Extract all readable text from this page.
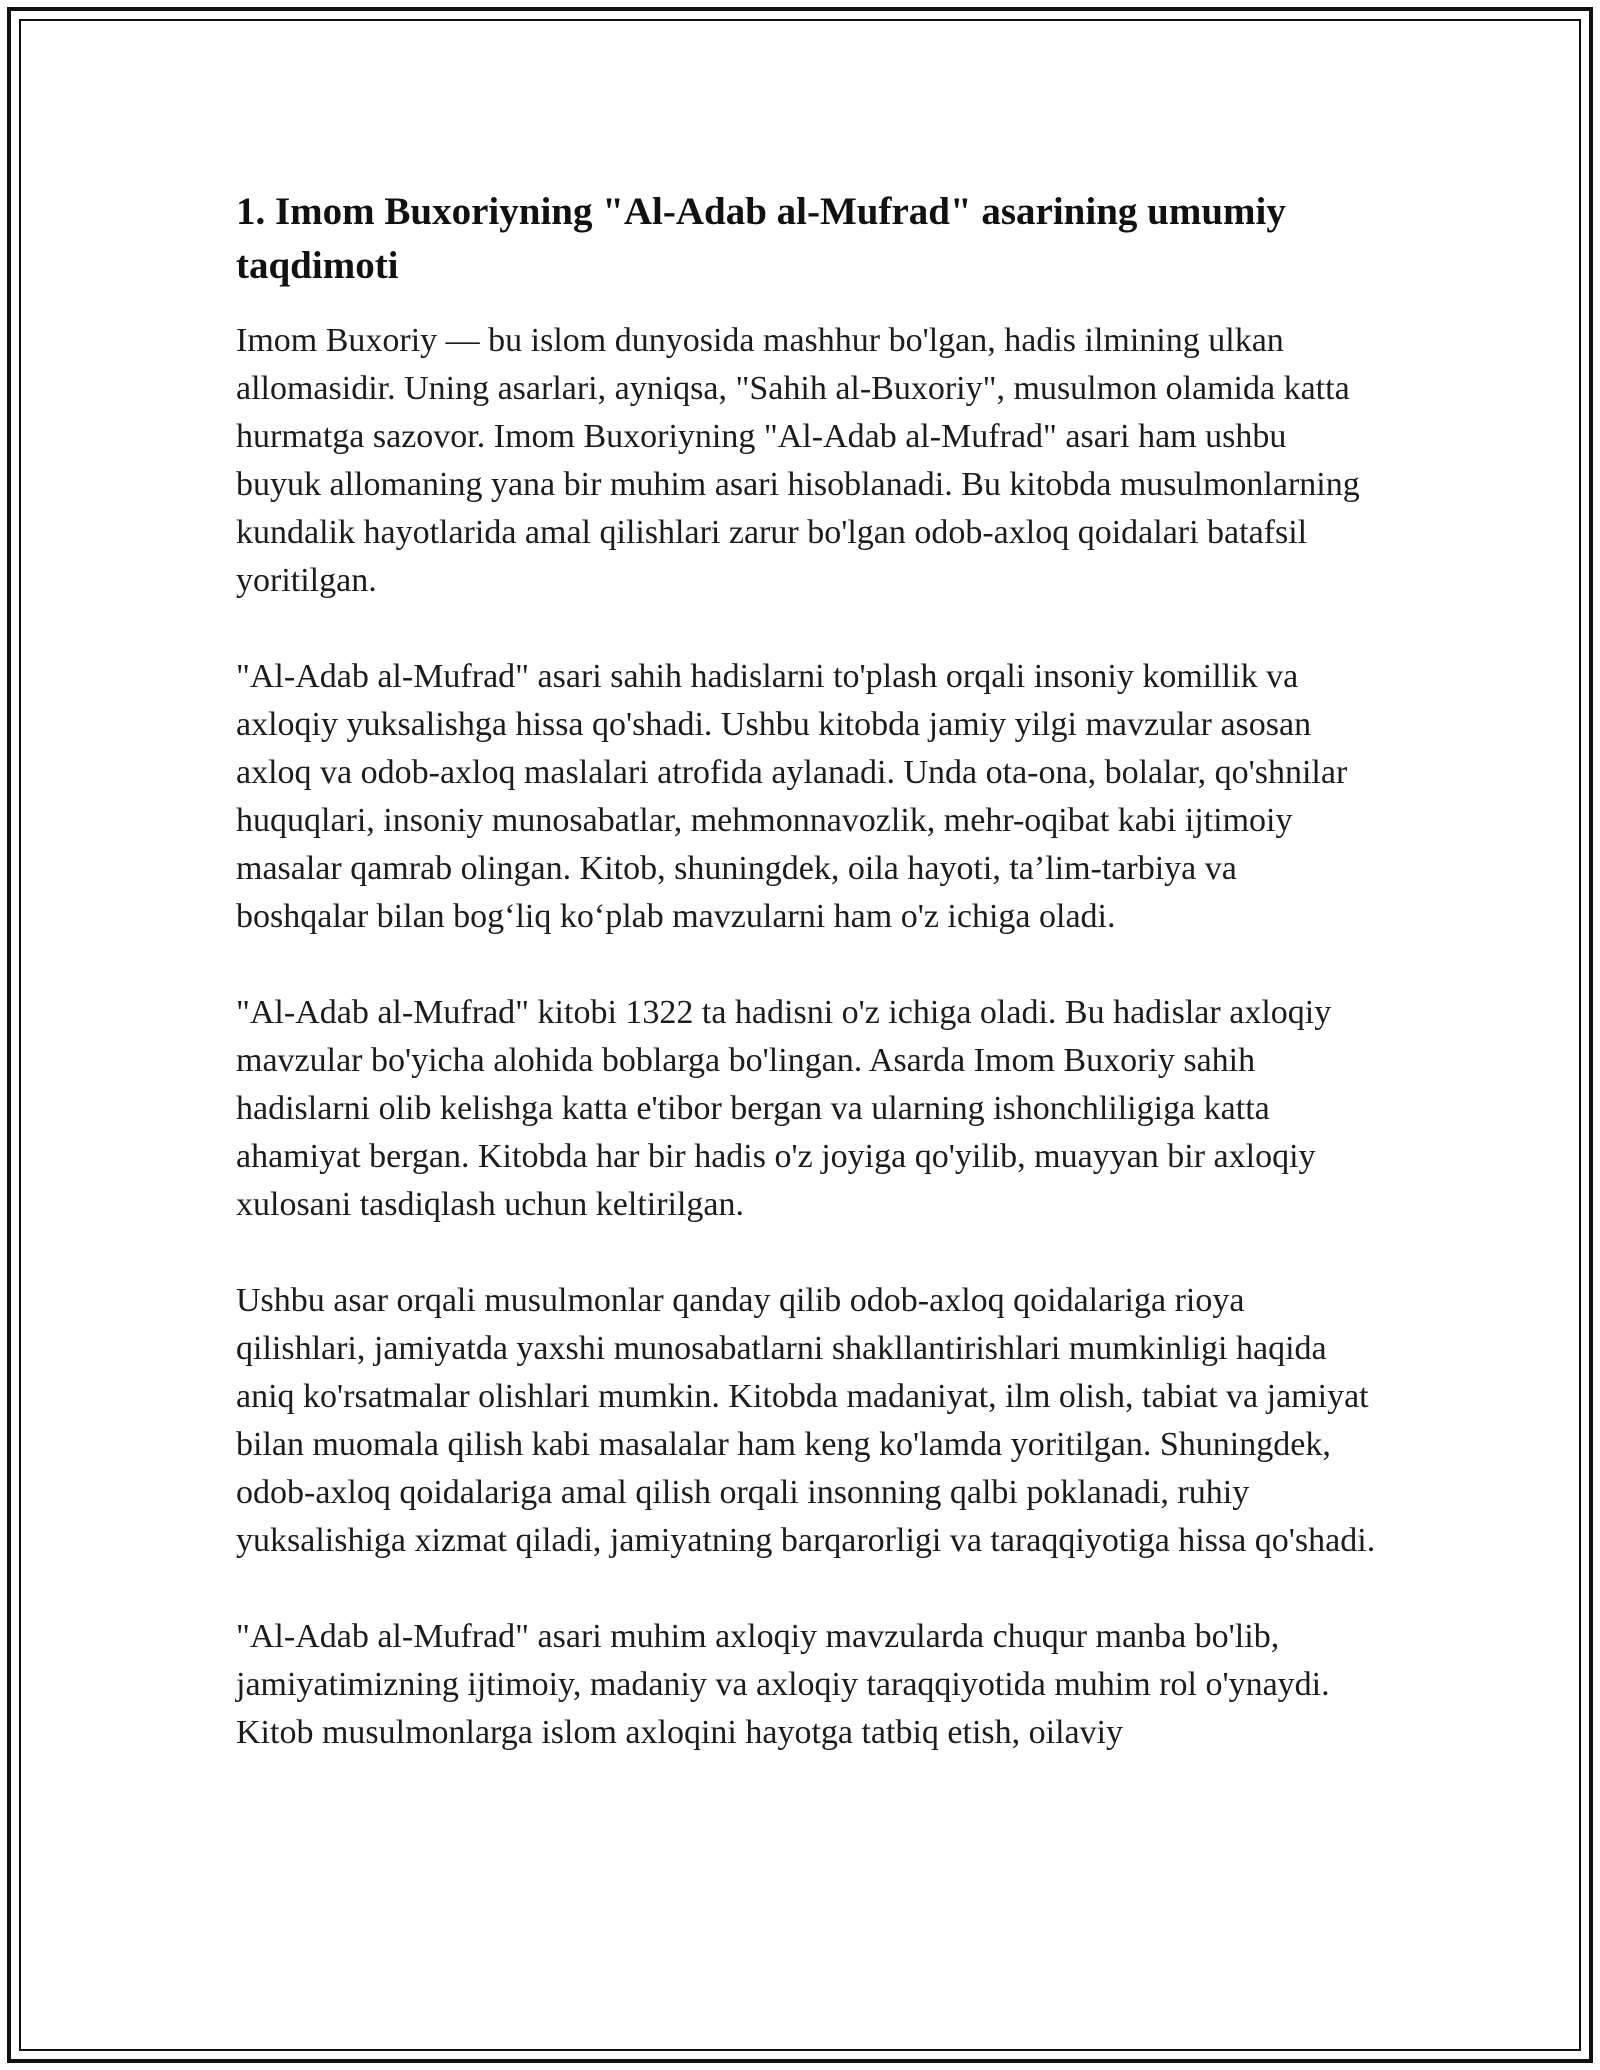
1. Imom Buxoriyning "Al-Adab al-Mufrad" asarining umumiy taqdimoti

Imom Buxoriy — bu islom dunyosida mashhur bo'lgan, hadis ilmining ulkan allomasidir. Uning asarlari, ayniqsa, "Sahih al-Buxoriy", musulmon olamida katta hurmatga sazovor. Imom Buxoriyning "Al-Adab al-Mufrad" asari ham ushbu buyuk allomaning yana bir muhim asari hisoblanadi. Bu kitobda musulmonlarning kundalik hayotlarida amal qilishlari zarur bo'lgan odob-axloq qoidalari batafsil yoritilgan.

"Al-Adab al-Mufrad" asari sahih hadislarni to'plash orqali insoniy komillik va axloqiy yuksalishga hissa qo'shadi. Ushbu kitobda jamiy yilgi mavzular asosan axloq va odob-axloq maslalari atrofida aylanadi. Unda ota-ona, bolalar, qo'shnilar huquqlari, insoniy munosabatlar, mehmonnavozlik, mehr-oqibat kabi ijtimoiy masalar qamrab olingan. Kitob, shuningdek, oila hayoti, ta’lim-tarbiya va boshqalar bilan bog‘liq ko‘plab mavzularni ham o'z ichiga oladi.

"Al-Adab al-Mufrad" kitobi 1322 ta hadisni o'z ichiga oladi. Bu hadislar axloqiy mavzular bo'yicha alohida boblarga bo'lingan. Asarda Imom Buxoriy sahih hadislarni olib kelishga katta e'tibor bergan va ularning ishonchliligiga katta ahamiyat bergan. Kitobda har bir hadis o'z joyiga qo'yilib, muayyan bir axloqiy xulosani tasdiqlash uchun keltirilgan.

Ushbu asar orqali musulmonlar qanday qilib odob-axloq qoidalariga rioya qilishlari, jamiyatda yaxshi munosabatlarni shakllantirishlari mumkinligi haqida aniq ko'rsatmalar olishlari mumkin. Kitobda madaniyat, ilm olish, tabiat va jamiyat bilan muomala qilish kabi masalalar ham keng ko'lamda yoritilgan. Shuningdek, odob-axloq qoidalariga amal qilish orqali insonning qalbi poklanadi, ruhiy yuksalishiga xizmat qiladi, jamiyatning barqarorligi va taraqqiyotiga hissa qo'shadi.

"Al-Adab al-Mufrad" asari muhim axloqiy mavzularda chuqur manba bo'lib, jamiyatimizning ijtimoiy, madaniy va axloqiy taraqqiyotida muhim rol o'ynaydi. Kitob musulmonlarga islom axloqini hayotga tatbiq etish, oilaviy
